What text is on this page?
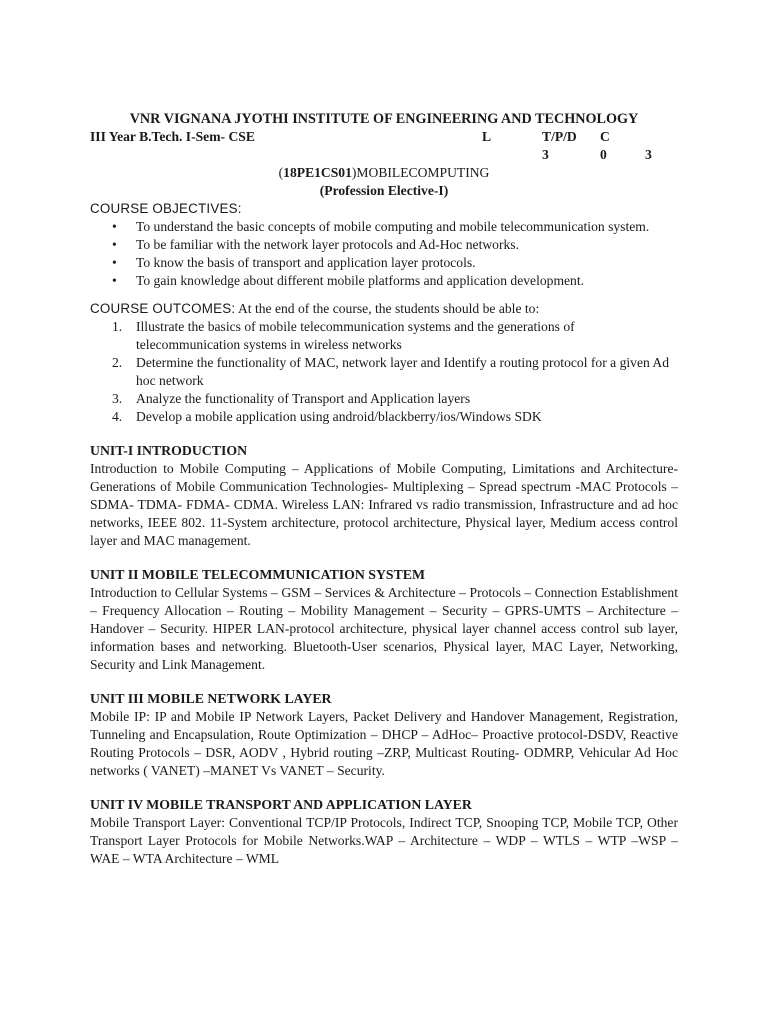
VNR VIGNANA JYOTHI INSTITUTE OF ENGINEERING AND TECHNOLOGY

III Year B.Tech. I-Sem- CSE	L	T/P/D	C
3	0	3

(18PE1CS01)MOBILECOMPUTING

(Profession Elective-I)

COURSE OBJECTIVES:
• To understand the basic concepts of mobile computing and mobile telecommunication system.
• To be familiar with the network layer protocols and Ad-Hoc networks.
• To know the basis of transport and application layer protocols.
• To gain knowledge about different mobile platforms and application development.
COURSE OUTCOMES: At the end of the course, the students should be able to:
1. Illustrate the basics of mobile telecommunication systems and the generations of telecommunication systems in wireless networks
2. Determine the functionality of MAC, network layer and Identify a routing protocol for a given Ad hoc network
3. Analyze the functionality of Transport and Application layers
4. Develop a mobile application using android/blackberry/ios/Windows SDK

UNIT-I INTRODUCTION

Introduction to Mobile Computing – Applications of Mobile Computing, Limitations and Architecture- Generations of Mobile Communication Technologies- Multiplexing – Spread spectrum -MAC Protocols – SDMA- TDMA- FDMA- CDMA. Wireless LAN: Infrared vs radio transmission, Infrastructure and ad hoc networks, IEEE 802. 11-System architecture, protocol architecture, Physical layer, Medium access control layer and MAC management.

UNIT II MOBILE TELECOMMUNICATION SYSTEM

Introduction to Cellular Systems – GSM – Services & Architecture – Protocols – Connection Establishment – Frequency Allocation – Routing – Mobility Management – Security – GPRS-UMTS – Architecture – Handover – Security. HIPER LAN-protocol architecture, physical layer channel access control sub layer, information bases and networking. Bluetooth-User scenarios, Physical layer, MAC Layer, Networking, Security and Link Management.

UNIT III MOBILE NETWORK LAYER

Mobile IP: IP and Mobile IP Network Layers, Packet Delivery and Handover Management, Registration, Tunneling and Encapsulation, Route Optimization – DHCP – AdHoc– Proactive protocol-DSDV, Reactive Routing Protocols – DSR, AODV , Hybrid routing –ZRP, Multicast Routing- ODMRP, Vehicular Ad Hoc networks ( VANET) –MANET Vs VANET – Security.

UNIT IV MOBILE TRANSPORT AND APPLICATION LAYER

Mobile Transport Layer: Conventional TCP/IP Protocols, Indirect TCP, Snooping TCP, Mobile TCP, Other Transport Layer Protocols for Mobile Networks.WAP – Architecture – WDP – WTLS – WTP –WSP – WAE – WTA Architecture – WML
